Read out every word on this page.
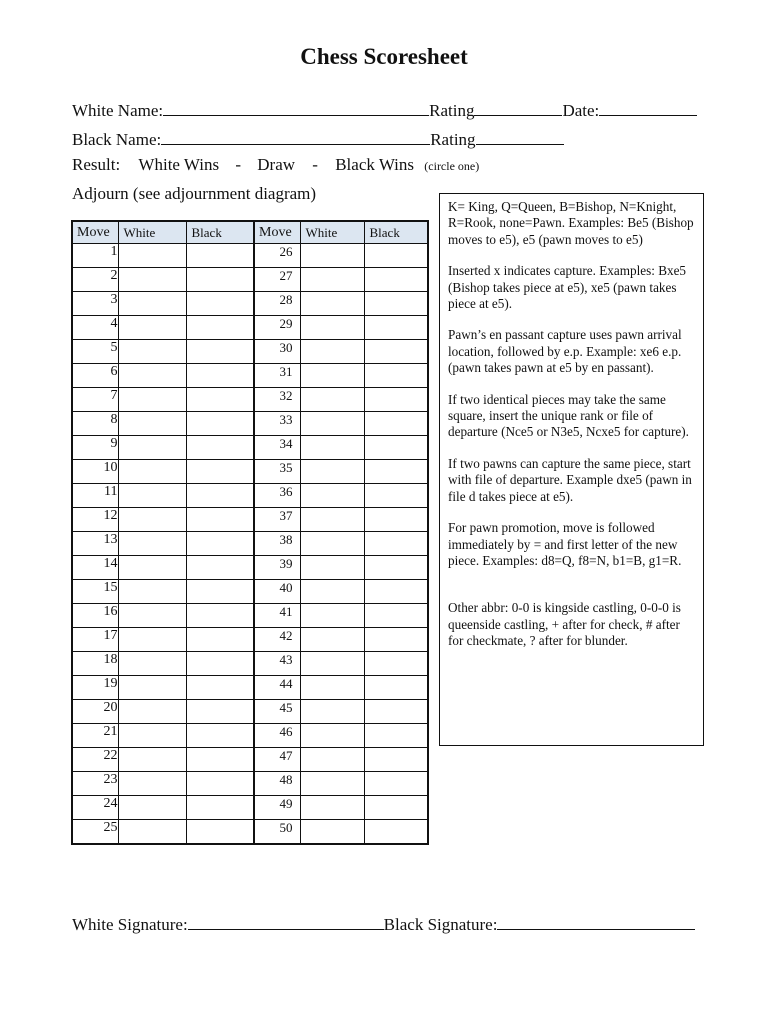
Chess Scoresheet
White Name:	Rating	Date:
Black Name:	Rating
Result: White Wins - Draw - Black Wins (circle one)
Adjourn (see adjournment diagram)
Move	White	Black	Move	White	Black
1			26		
2			27		
3			28		
4			29		
5			30		
6			31		
7			32		
8			33		
9			34		
10			35		
11			36		
12			37		
13			38		
14			39		
15			40		
16			41		
17			42		
18			43		
19			44		
20			45		
21			46		
22			47		
23			48		
24			49		
25			50		

K= King, Q=Queen, B=Bishop, N=Knight, R=Rook, none=Pawn. Examples: Be5 (Bishop moves to e5), e5 (pawn moves to e5)

Inserted x indicates capture. Examples: Bxe5 (Bishop takes piece at e5), xe5 (pawn takes piece at e5).

Pawn’s en passant capture uses pawn arrival location, followed by e.p. Example: xe6 e.p.(pawn takes pawn at e5 by en passant).

If two identical pieces may take the same square, insert the unique rank or file of departure (Nce5 or N3e5, Ncxe5 for capture).

If two pawns can capture the same piece, start with file of departure. Example dxe5 (pawn in file d takes piece at e5).

For pawn promotion, move is followed immediately by = and first letter of the new piece. Examples: d8=Q, f8=N, b1=B, g1=R.

Other abbr: 0-0 is kingside castling, 0-0-0 is queenside castling, + after for check, # after for checkmate, ? after for blunder.

White Signature:	Black Signature:
